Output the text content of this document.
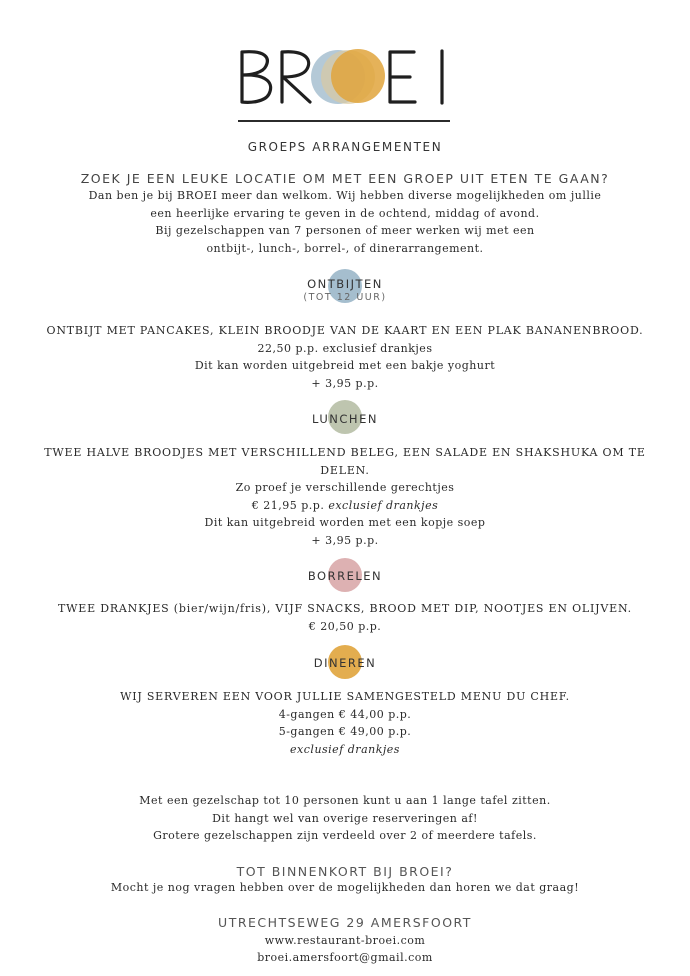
GROEPS ARRANGEMENTEN
ZOEK JE EEN LEUKE LOCATIE OM MET EEN GROEP UIT ETEN TE GAAN?

Dan ben je bij BROEI meer dan welkom. Wij hebben diverse mogelijkheden om jullie

een heerlijke ervaring te geven in de ochtend, middag of avond.

Bij gezelschappen van 7 personen of meer werken wij met een

ontbijt-, lunch-, borrel-, of dinerarrangement.

ONTBIJTEN
(TOT 12 UUR)

ONTBIJT MET PANCAKES, KLEIN BROODJE VAN DE KAART EN EEN PLAK BANANENBROOD.

22,50 p.p. exclusief drankjes

Dit kan worden uitgebreid met een bakje yoghurt

+ 3,95 p.p.

LUNCHEN

TWEE HALVE BROODJES MET VERSCHILLEND BELEG, EEN SALADE EN SHAKSHUKA OM TE

DELEN.

Zo proef je verschillende gerechtjes

€ 21,95 p.p. exclusief drankjes

Dit kan uitgebreid worden met een kopje soep

+ 3,95 p.p.

BORRELEN

TWEE DRANKJES (bier/wijn/fris), VIJF SNACKS, BROOD MET DIP, NOOTJES EN OLIJVEN.

€ 20,50 p.p.

DINEREN

WIJ SERVEREN EEN VOOR JULLIE SAMENGESTELD MENU DU CHEF.

4-gangen € 44,00 p.p.

5-gangen € 49,00 p.p.

exclusief drankjes

Met een gezelschap tot 10 personen kunt u aan 1 lange tafel zitten.

Dit hangt wel van overige reserveringen af!

Grotere gezelschappen zijn verdeeld over 2 of meerdere tafels.

TOT BINNENKORT BIJ BROEI?
Mocht je nog vragen hebben over de mogelijkheden dan horen we dat graag!
UTRECHTSEWEG 29 AMERSFOORT
www.restaurant-broei.com
broei.amersfoort@gmail.com
